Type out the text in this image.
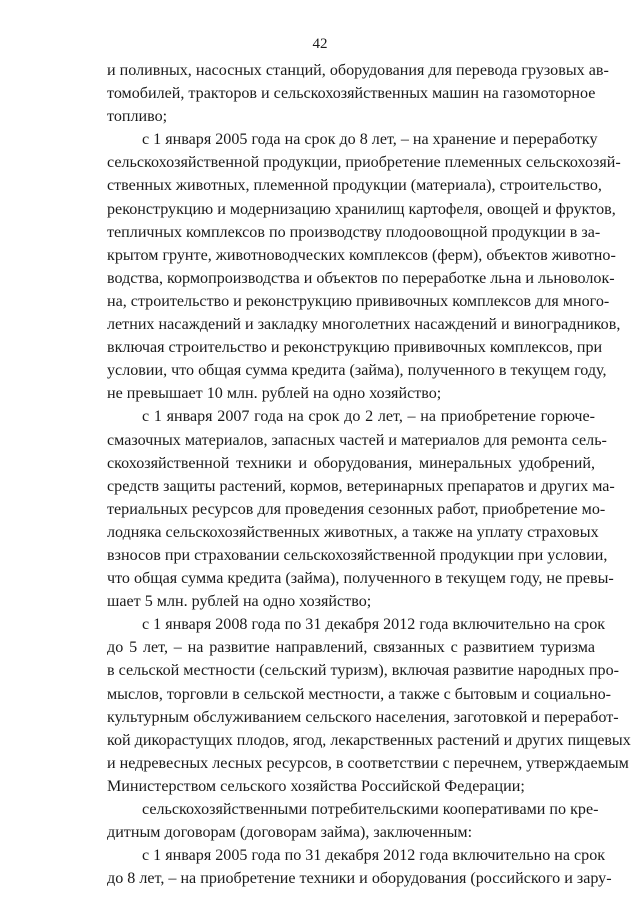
42
и поливных, насосных станций, оборудования для перевода грузовых ав-
томобилей, тракторов и сельскохозяйственных машин на газомоторное
топливо;
с 1 января 2005 года на срок до 8 лет, – на хранение и переработку
сельскохозяйственной продукции, приобретение племенных сельскохозяй-
ственных животных, племенной продукции (материала), строительство,
реконструкцию и модернизацию хранилищ картофеля, овощей и фруктов,
тепличных комплексов по производству плодоовощной продукции в за-
крытом грунте, животноводческих комплексов (ферм), объектов животно-
водства, кормопроизводства и объектов по переработке льна и льноволок-
на, строительство и реконструкцию прививочных комплексов для много-
летних насаждений и закладку многолетних насаждений и виноградников,
включая строительство и реконструкцию прививочных комплексов, при
условии, что общая сумма кредита (займа), полученного в текущем году,
не превышает 10 млн. рублей на одно хозяйство;
с 1 января 2007 года на срок до 2 лет, – на приобретение горюче-
смазочных материалов, запасных частей и материалов для ремонта сель-
скохозяйственной техники и оборудования, минеральных удобрений,
средств защиты растений, кормов, ветеринарных препаратов и других ма-
териальных ресурсов для проведения сезонных работ, приобретение мо-
лодняка сельскохозяйственных животных, а также на уплату страховых
взносов при страховании сельскохозяйственной продукции при условии,
что общая сумма кредита (займа), полученного в текущем году, не превы-
шает 5 млн. рублей на одно хозяйство;
с 1 января 2008 года по 31 декабря 2012 года включительно на срок
до 5 лет, – на развитие направлений, связанных с развитием туризма
в сельской местности (сельский туризм), включая развитие народных про-
мыслов, торговли в сельской местности, а также с бытовым и социально-
культурным обслуживанием сельского населения, заготовкой и переработ-
кой дикорастущих плодов, ягод, лекарственных растений и других пищевых
и недревесных лесных ресурсов, в соответствии с перечнем, утверждаемым
Министерством сельского хозяйства Российской Федерации;
сельскохозяйственными потребительскими кооперативами по кре-
дитным договорам (договорам займа), заключенным:
с 1 января 2005 года по 31 декабря 2012 года включительно на срок
до 8 лет, – на приобретение техники и оборудования (российского и зару-
